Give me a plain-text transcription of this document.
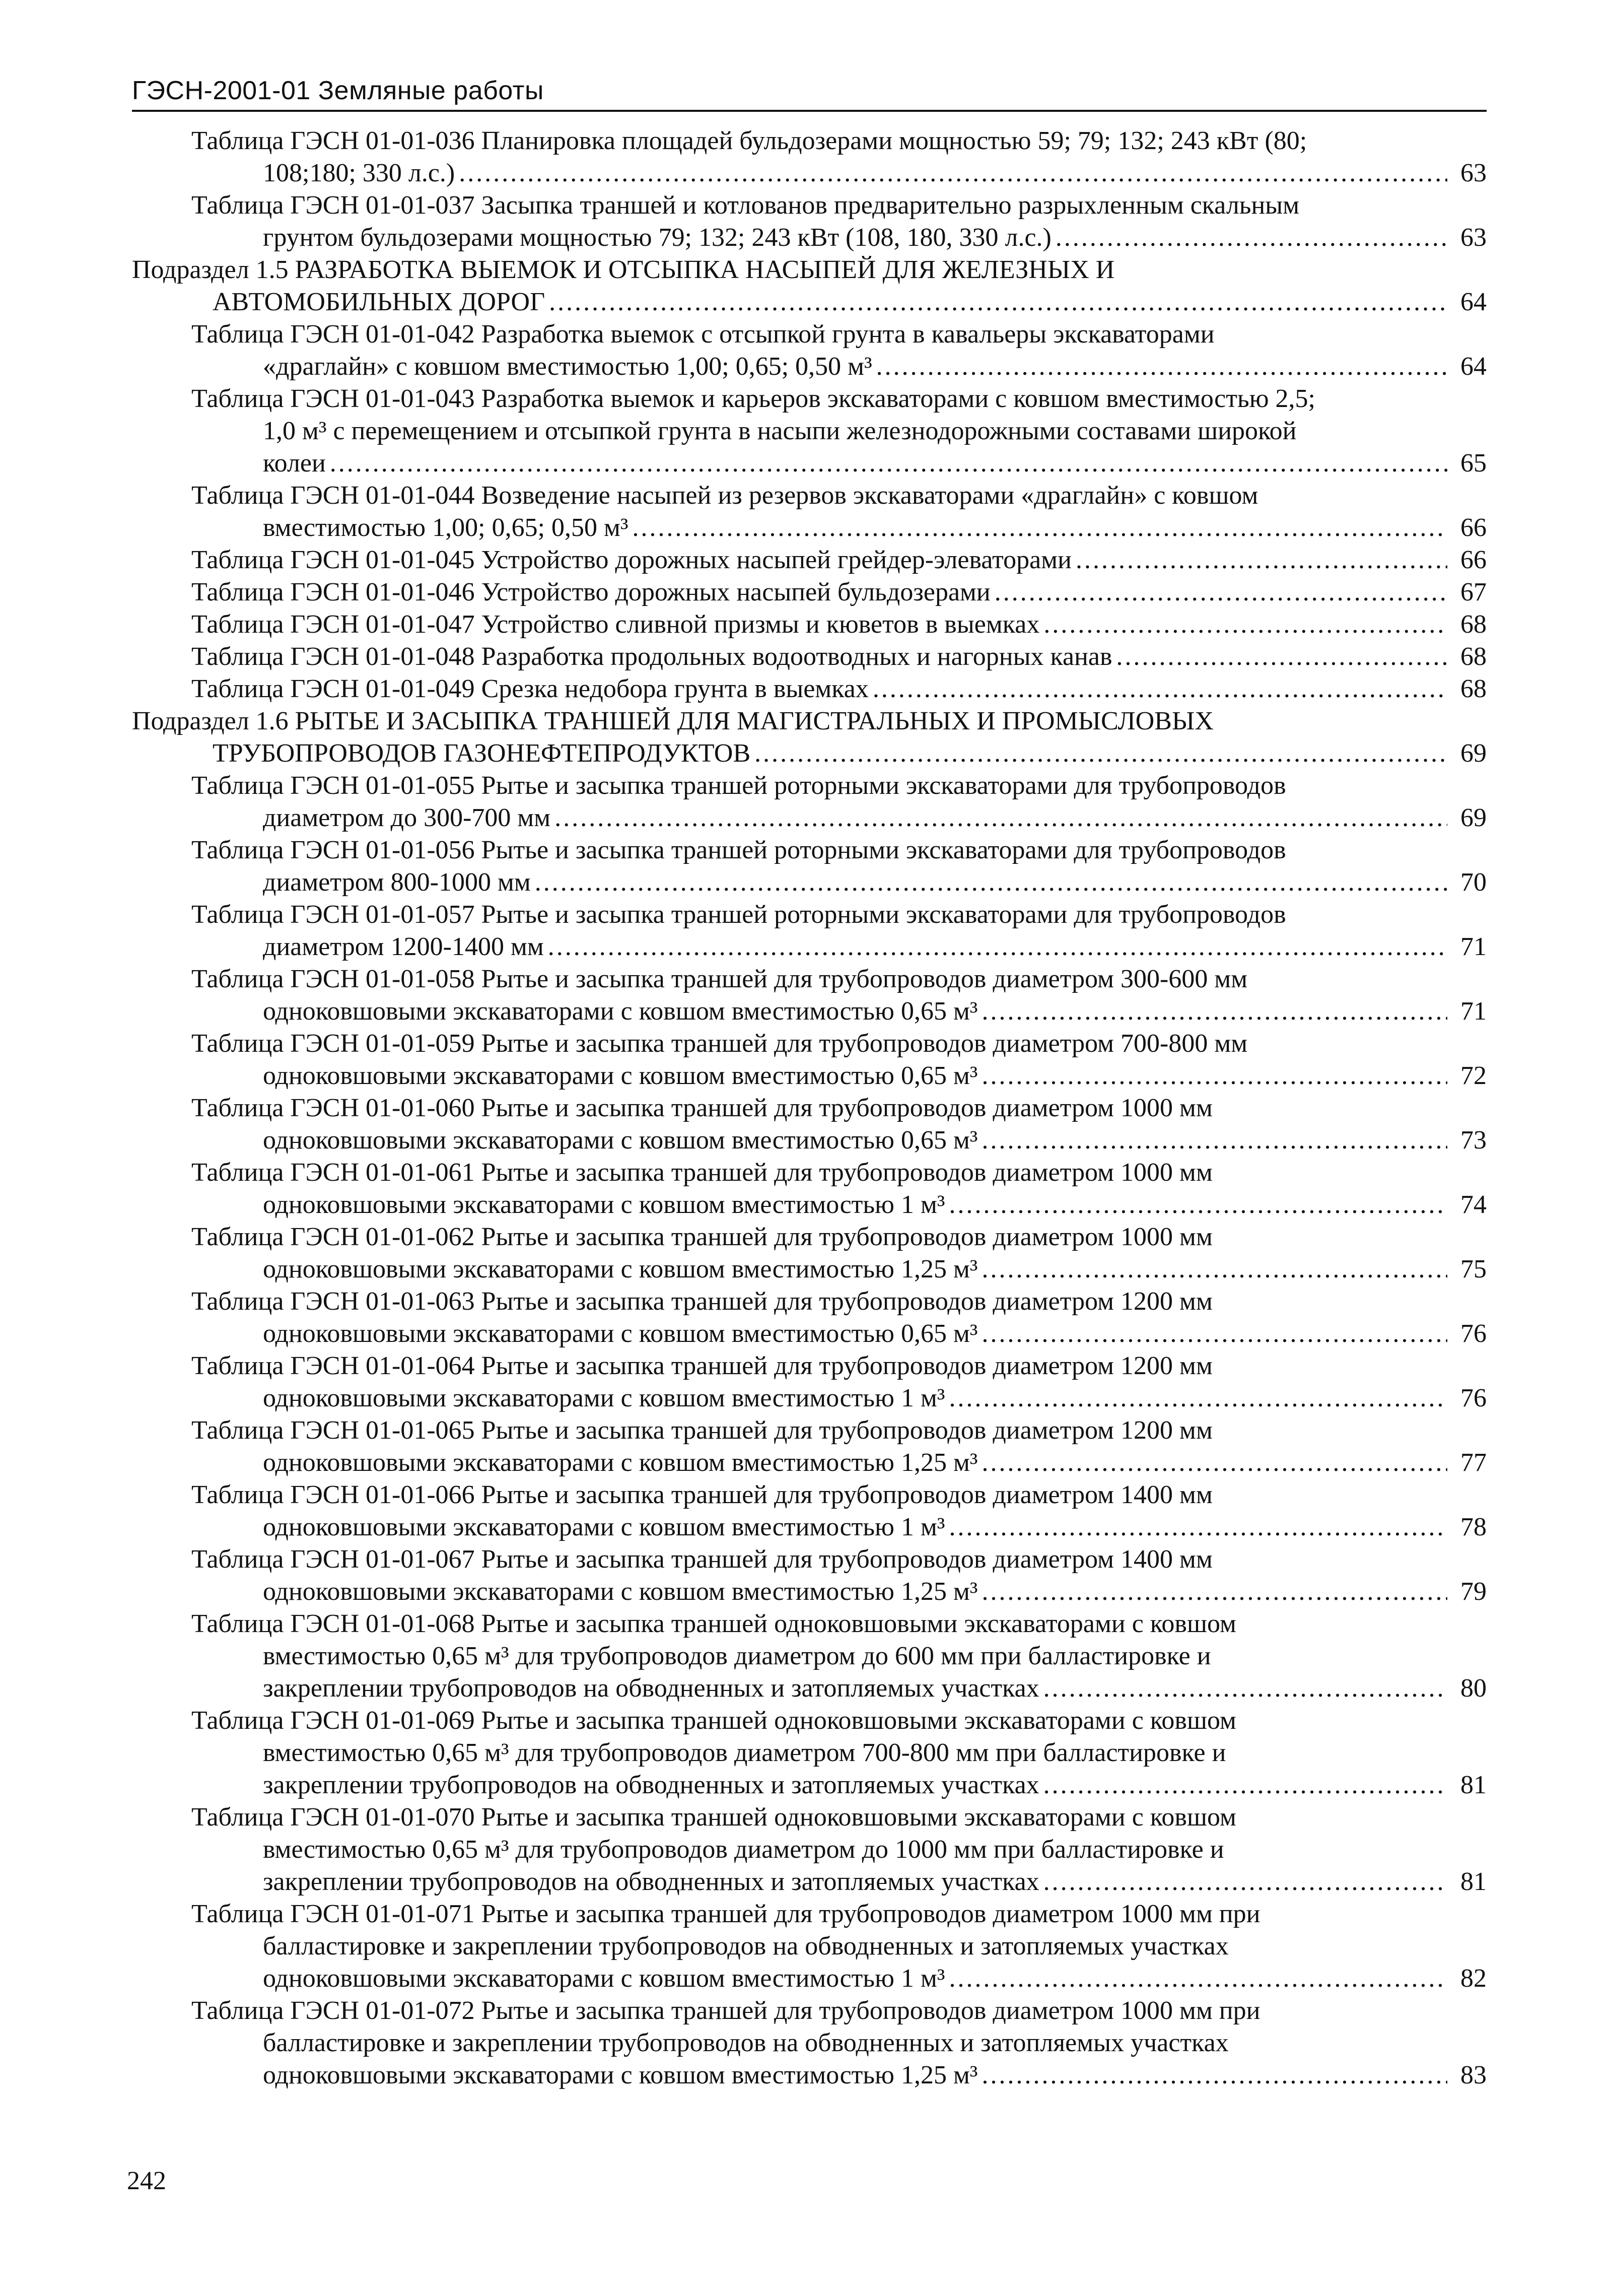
ГЭСН-2001-01 Земляные работы
Таблица ГЭСН 01-01-036 Планировка площадей бульдозерами мощностью 59; 79; 132; 243 кВт (80;
108;180; 330 л.с.) .....	63
Таблица ГЭСН 01-01-037 Засыпка траншей и котлованов предварительно разрыхленным скальным
грунтом бульдозерами мощностью 79; 132; 243 кВт (108, 180, 330 л.с.) .....	63
Подраздел 1.5 РАЗРАБОТКА ВЫЕМОК И ОТСЫПКА НАСЫПЕЙ ДЛЯ ЖЕЛЕЗНЫХ И
АВТОМОБИЛЬНЫХ ДОРОГ .....	64
Таблица ГЭСН 01-01-042 Разработка выемок с отсыпкой грунта в кавальеры экскаваторами
«драглайн» с ковшом вместимостью 1,00; 0,65; 0,50 м³ .....	64
Таблица ГЭСН 01-01-043 Разработка выемок и карьеров экскаваторами с ковшом вместимостью 2,5;
1,0 м³ с перемещением и отсыпкой грунта в насыпи железнодорожными составами широкой
колеи .....	65
Таблица ГЭСН 01-01-044 Возведение насыпей из резервов экскаваторами «драглайн» с ковшом
вместимостью 1,00; 0,65; 0,50 м³ .....	66
Таблица ГЭСН 01-01-045 Устройство дорожных насыпей грейдер-элеваторами .....	66
Таблица ГЭСН 01-01-046 Устройство дорожных насыпей бульдозерами .....	67
Таблица ГЭСН 01-01-047 Устройство сливной призмы и кюветов в выемках .....	68
Таблица ГЭСН 01-01-048 Разработка продольных водоотводных и нагорных канав .....	68
Таблица ГЭСН 01-01-049 Срезка недобора грунта в выемках .....	68
Подраздел 1.6 РЫТЬЕ И ЗАСЫПКА ТРАНШЕЙ ДЛЯ МАГИСТРАЛЬНЫХ И ПРОМЫСЛОВЫХ
ТРУБОПРОВОДОВ ГАЗОНЕФТЕПРОДУКТОВ .....	69
Таблица ГЭСН 01-01-055 Рытье и засыпка траншей роторными экскаваторами для трубопроводов
диаметром до 300-700 мм .....	69
Таблица ГЭСН 01-01-056 Рытье и засыпка траншей роторными экскаваторами для трубопроводов
диаметром 800-1000 мм .....	70
Таблица ГЭСН 01-01-057 Рытье и засыпка траншей роторными экскаваторами для трубопроводов
диаметром 1200-1400 мм .....	71
Таблица ГЭСН 01-01-058 Рытье и засыпка траншей для трубопроводов диаметром 300-600 мм
одноковшовыми экскаваторами с ковшом вместимостью 0,65 м³ .....	71
Таблица ГЭСН 01-01-059 Рытье и засыпка траншей для трубопроводов диаметром 700-800 мм
одноковшовыми экскаваторами с ковшом вместимостью 0,65 м³ .....	72
Таблица ГЭСН 01-01-060 Рытье и засыпка траншей для трубопроводов диаметром 1000 мм
одноковшовыми экскаваторами с ковшом вместимостью 0,65 м³ .....	73
Таблица ГЭСН 01-01-061 Рытье и засыпка траншей для трубопроводов диаметром 1000 мм
одноковшовыми экскаваторами с ковшом вместимостью 1 м³ .....	74
Таблица ГЭСН 01-01-062 Рытье и засыпка траншей для трубопроводов диаметром 1000 мм
одноковшовыми экскаваторами с ковшом вместимостью 1,25 м³ .....	75
Таблица ГЭСН 01-01-063 Рытье и засыпка траншей для трубопроводов диаметром 1200 мм
одноковшовыми экскаваторами с ковшом вместимостью 0,65 м³ .....	76
Таблица ГЭСН 01-01-064 Рытье и засыпка траншей для трубопроводов диаметром 1200 мм
одноковшовыми экскаваторами с ковшом вместимостью 1 м³ .....	76
Таблица ГЭСН 01-01-065 Рытье и засыпка траншей для трубопроводов диаметром 1200 мм
одноковшовыми экскаваторами с ковшом вместимостью 1,25 м³ .....	77
Таблица ГЭСН 01-01-066 Рытье и засыпка траншей для трубопроводов диаметром 1400 мм
одноковшовыми экскаваторами с ковшом вместимостью 1 м³ .....	78
Таблица ГЭСН 01-01-067 Рытье и засыпка траншей для трубопроводов диаметром 1400 мм
одноковшовыми экскаваторами с ковшом вместимостью 1,25 м³ .....	79
Таблица ГЭСН 01-01-068 Рытье и засыпка траншей одноковшовыми экскаваторами с ковшом
вместимостью 0,65 м³ для трубопроводов диаметром до 600 мм при балластировке и
закреплении трубопроводов на обводненных и затопляемых участках .....	80
Таблица ГЭСН 01-01-069 Рытье и засыпка траншей одноковшовыми экскаваторами с ковшом
вместимостью 0,65 м³ для трубопроводов диаметром 700-800 мм при балластировке и
закреплении трубопроводов на обводненных и затопляемых участках .....	81
Таблица ГЭСН 01-01-070 Рытье и засыпка траншей одноковшовыми экскаваторами с ковшом
вместимостью 0,65 м³ для трубопроводов диаметром до 1000 мм при балластировке и
закреплении трубопроводов на обводненных и затопляемых участках .....	81
Таблица ГЭСН 01-01-071 Рытье и засыпка траншей для трубопроводов диаметром 1000 мм при
балластировке и закреплении трубопроводов на обводненных и затопляемых участках
одноковшовыми экскаваторами с ковшом вместимостью 1 м³ .....	82
Таблица ГЭСН 01-01-072 Рытье и засыпка траншей для трубопроводов диаметром 1000 мм при
балластировке и закреплении трубопроводов на обводненных и затопляемых участках
одноковшовыми экскаваторами с ковшом вместимостью 1,25 м³ .....	83
242
